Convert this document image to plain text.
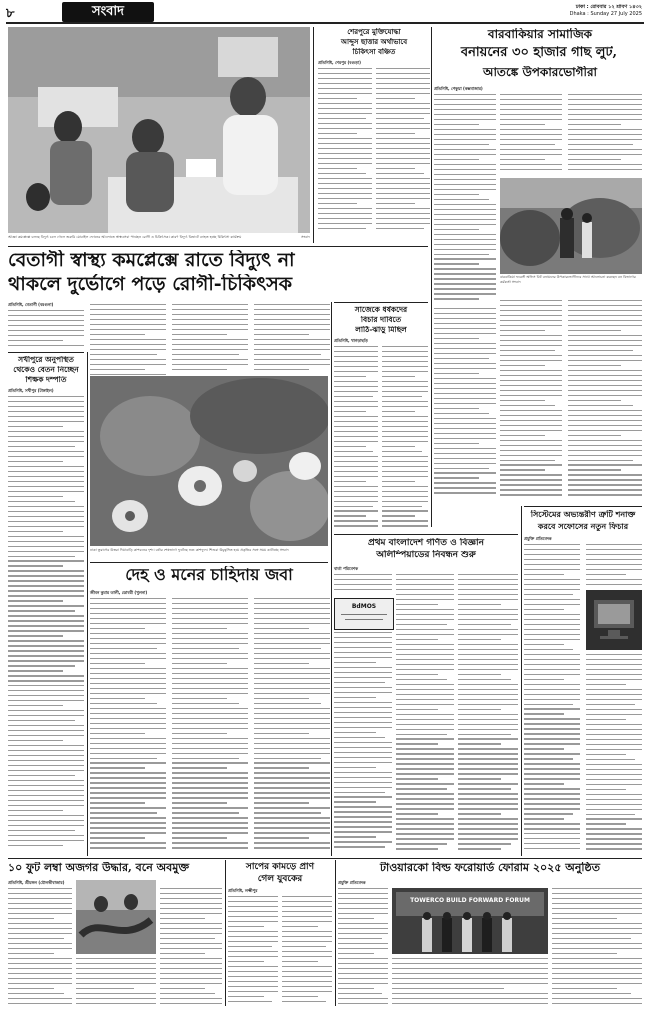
৮	সংবাদ	ঢাকা : রোববার ১২ শ্রাবণ ১৪৩২
Dhaka : Sunday 27 July 2025
আজ্ঞা কমপ্লেক্সে চলছে বিদ্যুৎ চলে গেলে জরুরি মোবাইল ফোনের আলোতে স্বাস্থ্যসেবা পাচ্ছেন রোগী ও চিকিৎসক। কারণ বিদ্যুৎ বিভ্রাটে ব্যাহত হচ্ছে চিকিৎসা কার্যক্রম	সংবাদ
শেরপুরে মুক্তিযোদ্ধা
আব্দুস ছাত্তার অর্থাভাবে
চিকিৎসা বঞ্চিত
প্রতিনিধি, শেরপুর (বগুড়া)
বারবাকিয়ার সামাজিক
বনায়নের ৩০ হাজার গাছ লুট,
আতঙ্কে উপকারভোগীরা
প্রতিনিধি, পেকুয়া (কক্সবাজার)
বারবাকিয়া ফরেস্ট অফিস বিট বনায়নের উপকারভোগীদের সাথে আলোচনা করছেন বন বিভাগের কর্মকর্তা সংবাদ
বেতাগী স্বাস্থ্য কমপ্লেক্সে রাতে বিদ্যুৎ না
থাকলে দুর্ভোগে পড়ে রোগী-চিকিৎসক
প্রতিনিধি, বেতাগী (বরগুনা)
সাজেকে ধর্ষকদের
বিচার দাবিতে
লাঠি-ঝাড়ু মিছিল
প্রতিনিধি, খাগড়াছড়ি
সখীপুরে অনুপস্থিত
থেকেও বেতন নিচ্ছেন
শিক্ষক দম্পতি
প্রতিনিধি, সখীপুর (টাঙ্গাইল)
ঢাকা তুরাগের উত্তরা দিয়াবাড়ি কাশবনের দৃশ্য। বর্ষার শেষভাগে ফুটেছে শুভ্র কাশফুল। শিশুরা উচ্ছ্বসিত হয়ে প্রকৃতির সঙ্গে সময় কাটাচ্ছে সংবাদ
দেহ ও মনের চাহিদায় জবা
জীবন কুমার তালী, ডোবরী (খুলনা)
প্রথম বাংলাদেশ গণিত ও বিজ্ঞান
অলিম্পিয়াডের নিবন্ধন শুরু
বার্তা পরিবেশক
BdMOS
সিস্টেমের অভ্যন্তরীণ ত্রুটি শনাক্ত
করবে সফোসের নতুন ফিচার
প্রযুক্তি প্রতিবেদক
১০ ফুট লম্বা অজগর উদ্ধার, বনে অবমুক্ত
প্রতিনিধি, শ্রীমঙ্গল (মৌলভীবাজার)
সাপের কামড়ে প্রাণ
গেল যুবকের
প্রতিনিধি, লক্ষ্মীপুর
টাওয়ারকো বিল্ড ফরোয়ার্ড ফোরাম ২০২৫ অনুষ্ঠিত
প্রযুক্তি প্রতিবেদক
TOWERCO BUILD FORWARD FORUM
